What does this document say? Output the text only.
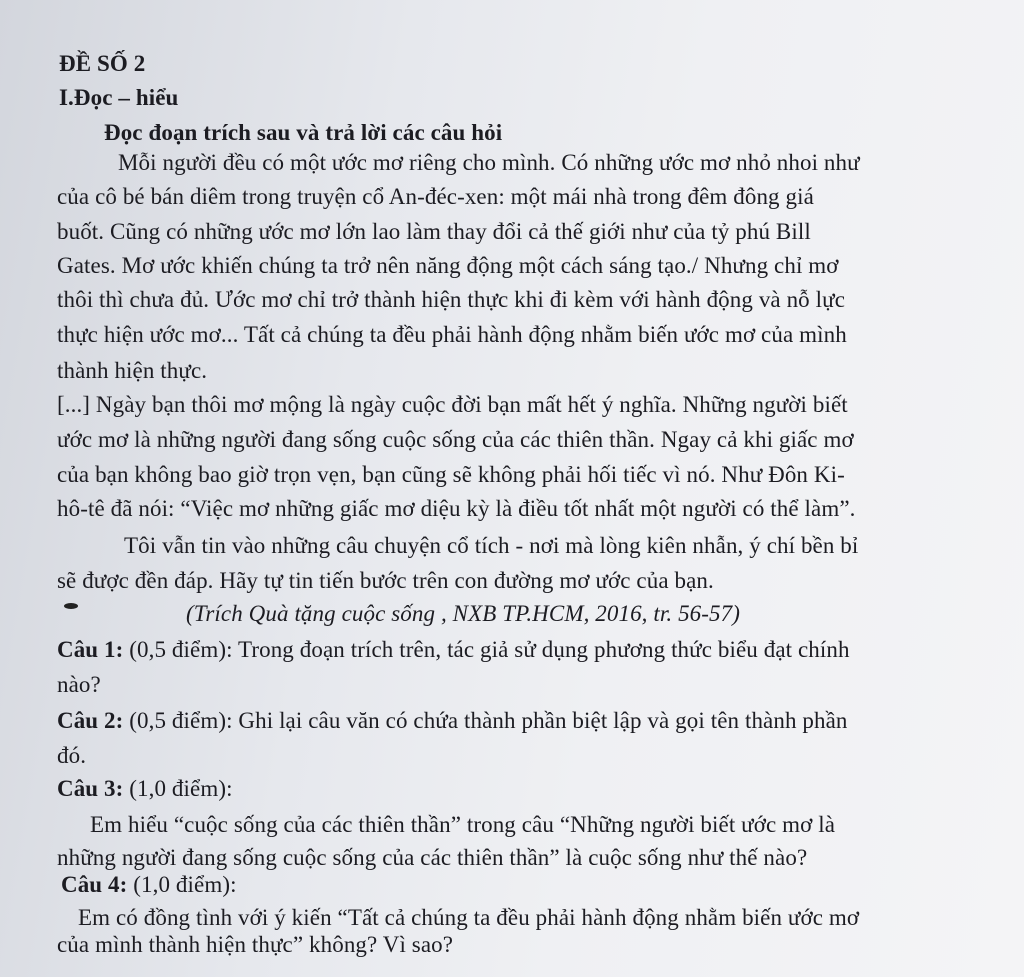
ĐỀ SỐ 2
I.Đọc – hiểu
Đọc đoạn trích sau và trả lời các câu hỏi
Mỗi người đều có một ước mơ riêng cho mình. Có những ước mơ nhỏ nhoi như
của cô bé bán diêm trong truyện cổ An-đéc-xen: một mái nhà trong đêm đông giá
buốt. Cũng có những ước mơ lớn lao làm thay đổi cả thế giới như của tỷ phú Bill
Gates. Mơ ước khiến chúng ta trở nên năng động một cách sáng tạo./ Nhưng chỉ mơ
thôi thì chưa đủ. Ước mơ chỉ trở thành hiện thực khi đi kèm với hành động và nỗ lực
thực hiện ước mơ... Tất cả chúng ta đều phải hành động nhằm biến ước mơ của mình
thành hiện thực.
[...] Ngày bạn thôi mơ mộng là ngày cuộc đời bạn mất hết ý nghĩa. Những người biết
ước mơ là những người đang sống cuộc sống của các thiên thần. Ngay cả khi giấc mơ
của bạn không bao giờ trọn vẹn, bạn cũng sẽ không phải hối tiếc vì nó. Như Đôn Ki-
hô-tê đã nói: “Việc mơ những giấc mơ diệu kỳ là điều tốt nhất một người có thể làm”.
Tôi vẫn tin vào những câu chuyện cổ tích - nơi mà lòng kiên nhẫn, ý chí bền bỉ
sẽ được đền đáp. Hãy tự tin tiến bước trên con đường mơ ước của bạn.
(Trích Quà tặng cuộc sống , NXB TP.HCM, 2016, tr. 56-57)
Câu 1: (0,5 điểm): Trong đoạn trích trên, tác giả sử dụng phương thức biểu đạt chính
nào?
Câu 2: (0,5 điểm): Ghi lại câu văn có chứa thành phần biệt lập và gọi tên thành phần
đó.
Câu 3: (1,0 điểm):
Em hiểu “cuộc sống của các thiên thần” trong câu “Những người biết ước mơ là
những người đang sống cuộc sống của các thiên thần” là cuộc sống như thế nào?
Câu 4: (1,0 điểm):
Em có đồng tình với ý kiến “Tất cả chúng ta đều phải hành động nhằm biến ước mơ
của mình thành hiện thực” không? Vì sao?
